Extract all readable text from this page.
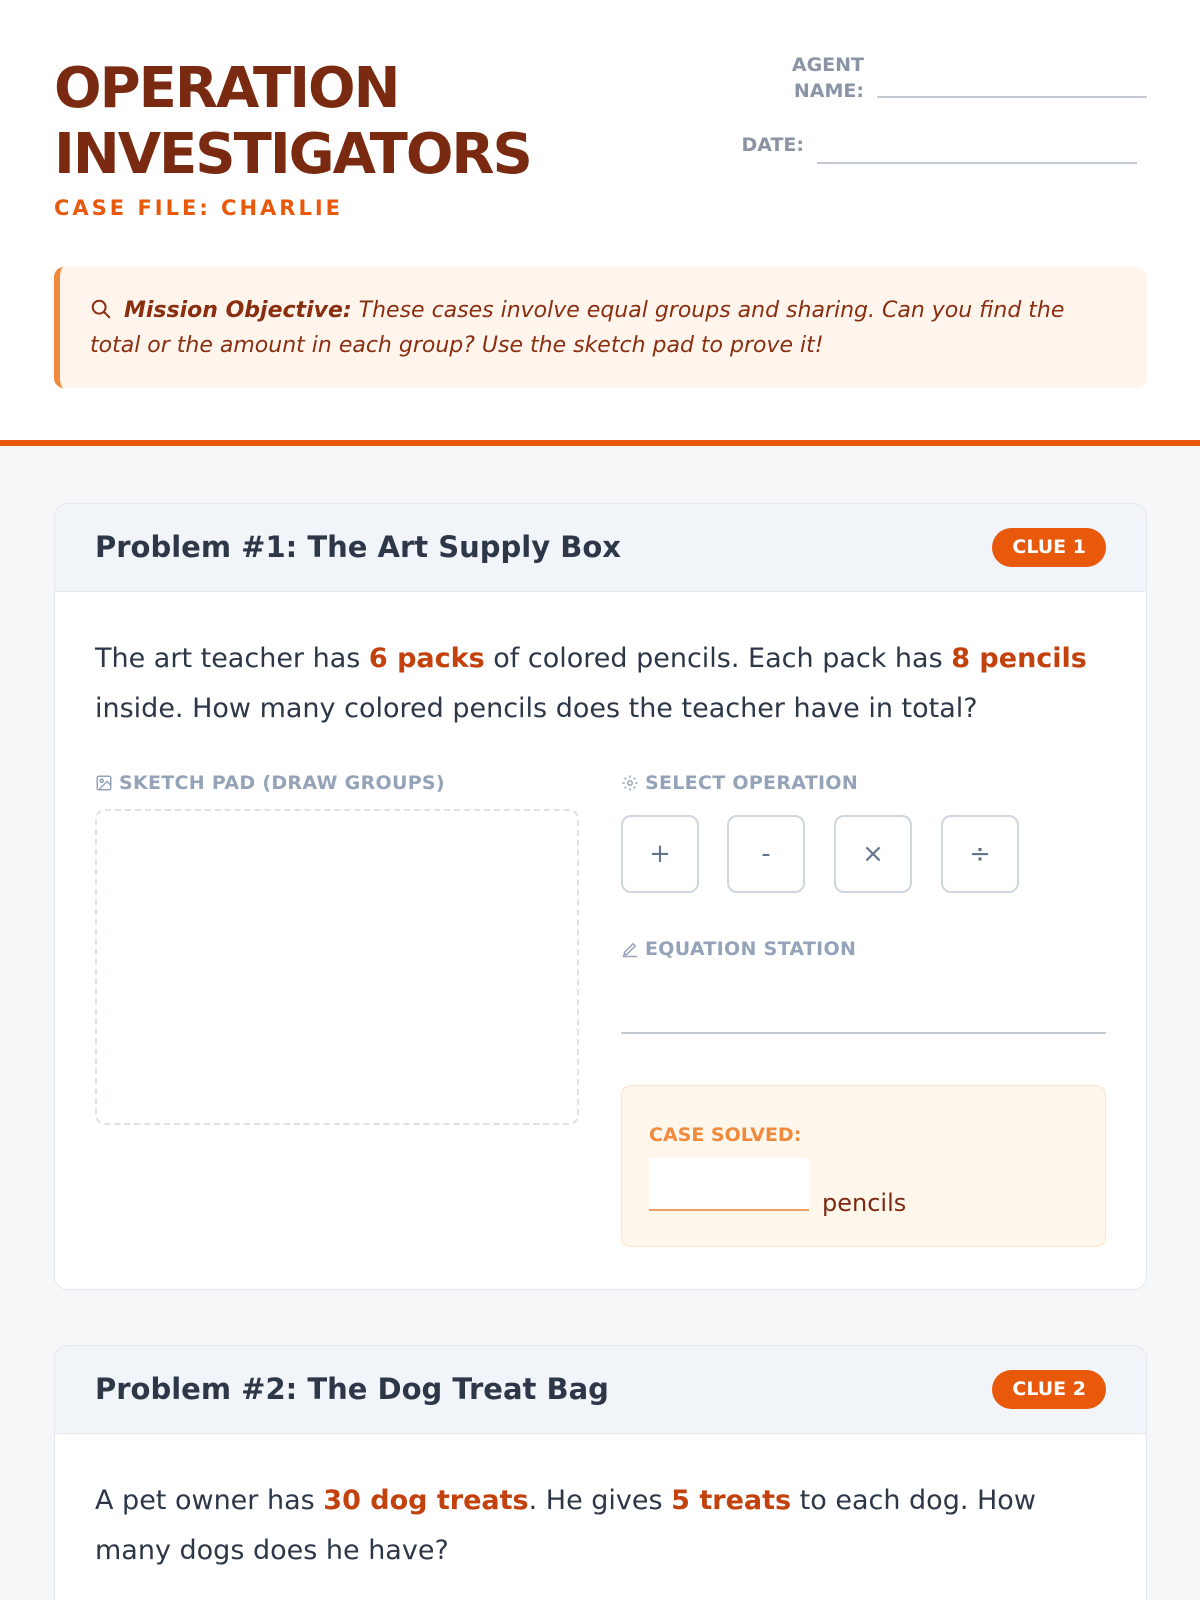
OPERATION
INVESTIGATORS
CASE FILE: CHARLIE
AGENT
NAME:
DATE:
Mission Objective: These cases involve equal groups and sharing. Can you find the total or the amount in each group? Use the sketch pad to prove it!
Problem #1: The Art Supply Box	CLUE 1
The art teacher has 6 packs of colored pencils. Each pack has 8 pencils inside. How many colored pencils does the teacher have in total?
SKETCH PAD (DRAW GROUPS)	SELECT OPERATION
+	-	×	÷
EQUATION STATION
CASE SOLVED:
pencils
Problem #2: The Dog Treat Bag	CLUE 2
A pet owner has 30 dog treats. He gives 5 treats to each dog. How many dogs does he have?
